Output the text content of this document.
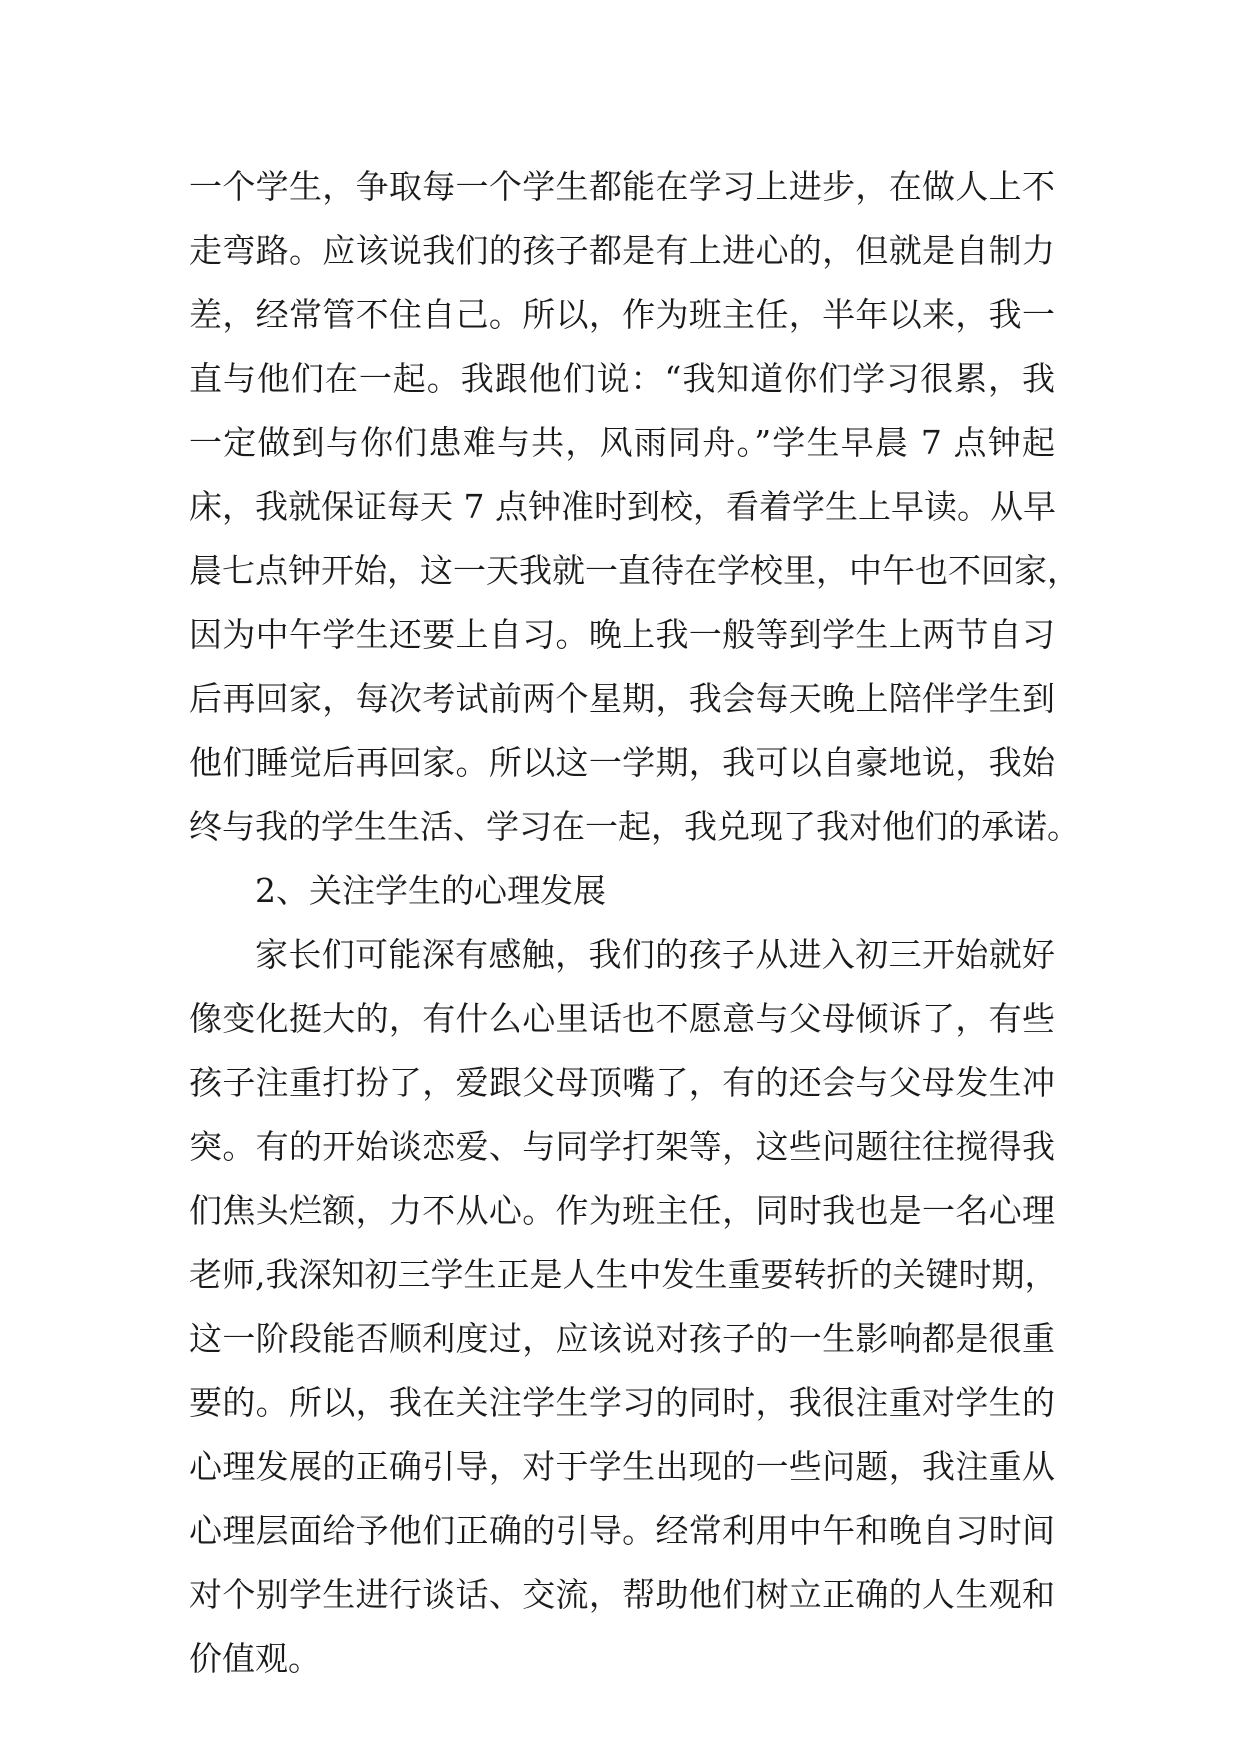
一个学生，争取每一个学生都能在学习上进步，在做人上不
走弯路。应该说我们的孩子都是有上进心的，但就是自制力
差，经常管不住自己。所以，作为班主任，半年以来，我一
直与他们在一起。我跟他们说：“我知道你们学习很累，我
一定做到与你们患难与共，风雨同舟。”学生早晨 7 点钟起
床，我就保证每天 7 点钟准时到校，看着学生上早读。从早
晨七点钟开始，这一天我就一直待在学校里，中午也不回家，
因为中午学生还要上自习。晚上我一般等到学生上两节自习
后再回家，每次考试前两个星期，我会每天晚上陪伴学生到
他们睡觉后再回家。所以这一学期，我可以自豪地说，我始
终与我的学生生活、学习在一起，我兑现了我对他们的承诺。
2、关注学生的心理发展
家长们可能深有感触，我们的孩子从进入初三开始就好
像变化挺大的，有什么心里话也不愿意与父母倾诉了，有些
孩子注重打扮了，爱跟父母顶嘴了，有的还会与父母发生冲
突。有的开始谈恋爱、与同学打架等，这些问题往往搅得我
们焦头烂额，力不从心。作为班主任，同时我也是一名心理
老师,我深知初三学生正是人生中发生重要转折的关键时期，
这一阶段能否顺利度过，应该说对孩子的一生影响都是很重
要的。所以，我在关注学生学习的同时，我很注重对学生的
心理发展的正确引导，对于学生出现的一些问题，我注重从
心理层面给予他们正确的引导。经常利用中午和晚自习时间
对个别学生进行谈话、交流，帮助他们树立正确的人生观和
价值观。
